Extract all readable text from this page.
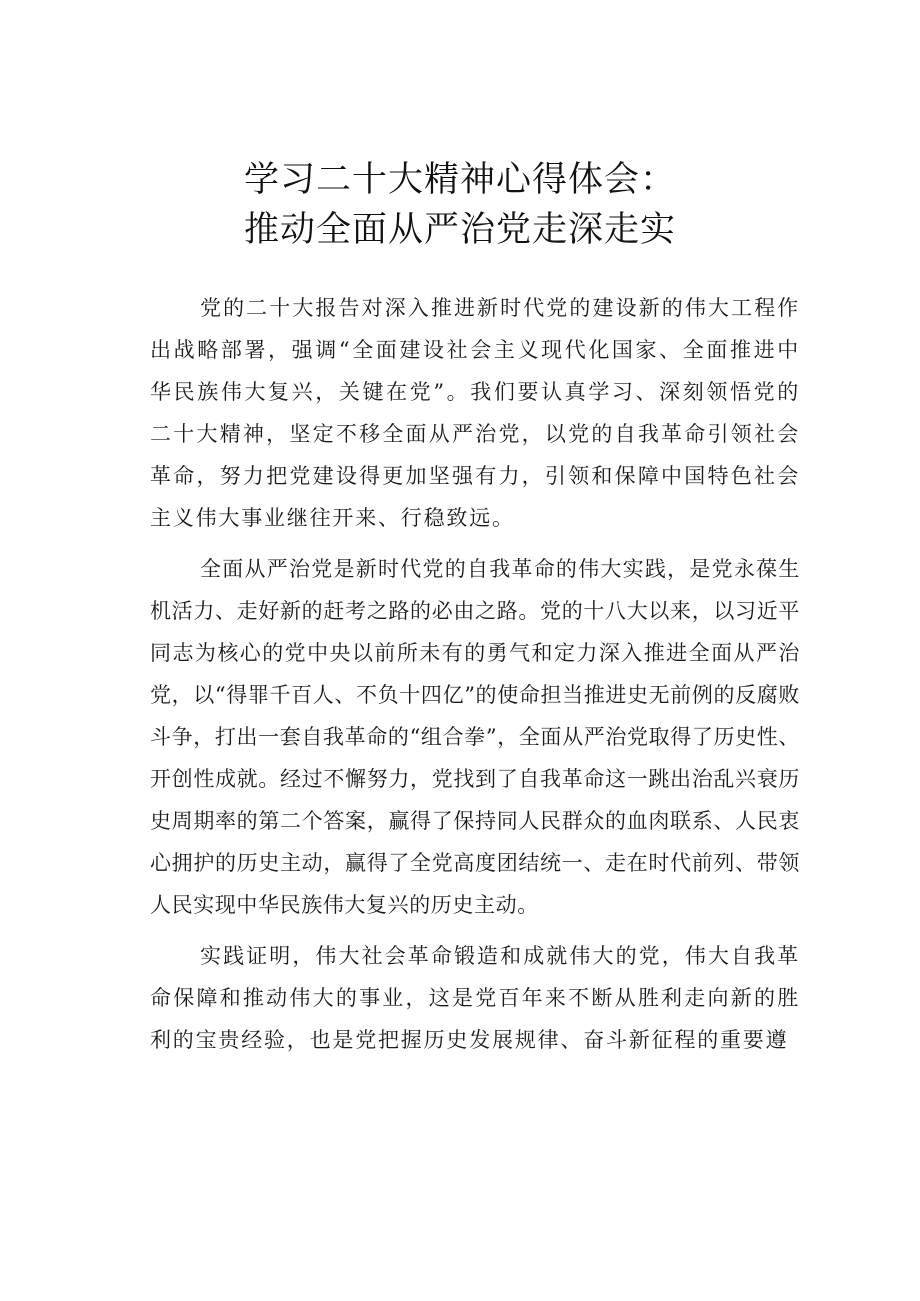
学习二十大精神心得体会：
推动全面从严治党走深走实

党的二十大报告对深入推进新时代党的建设新的伟大工程作出战略部署，强调“全面建设社会主义现代化国家、全面推进中华民族伟大复兴，关键在党”。我们要认真学习、深刻领悟党的二十大精神，坚定不移全面从严治党，以党的自我革命引领社会革命，努力把党建设得更加坚强有力，引领和保障中国特色社会主义伟大事业继往开来、行稳致远。

全面从严治党是新时代党的自我革命的伟大实践，是党永葆生机活力、走好新的赶考之路的必由之路。党的十八大以来，以习近平同志为核心的党中央以前所未有的勇气和定力深入推进全面从严治党，以“得罪千百人、不负十四亿”的使命担当推进史无前例的反腐败斗争，打出一套自我革命的“组合拳”，全面从严治党取得了历史性、开创性成就。经过不懈努力，党找到了自我革命这一跳出治乱兴衰历史周期率的第二个答案，赢得了保持同人民群众的血肉联系、人民衷心拥护的历史主动，赢得了全党高度团结统一、走在时代前列、带领人民实现中华民族伟大复兴的历史主动。

实践证明，伟大社会革命锻造和成就伟大的党，伟大自我革命保障和推动伟大的事业，这是党百年来不断从胜利走向新的胜利的宝贵经验，也是党把握历史发展规律、奋斗新征程的重要遵
